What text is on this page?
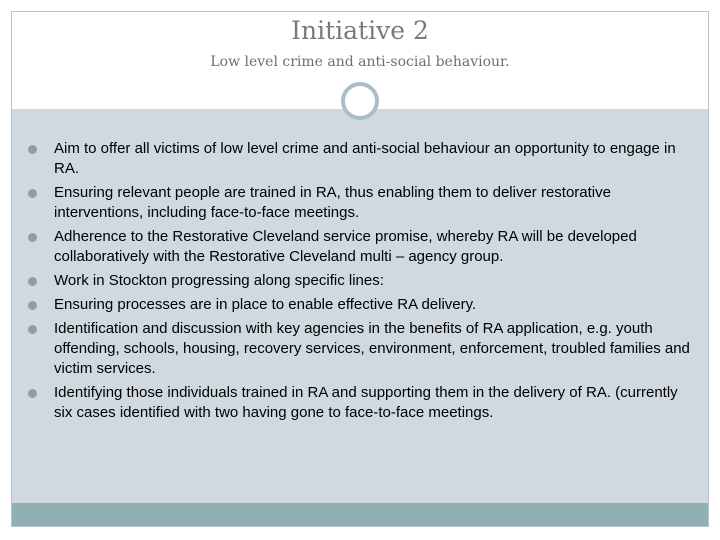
Initiative 2
Low level crime and anti-social behaviour.
Aim to offer all victims of low level crime and anti-social behaviour an opportunity to engage in RA.
Ensuring relevant people are trained in RA, thus enabling them to deliver restorative interventions, including face-to-face meetings.
Adherence to the Restorative Cleveland service promise, whereby RA will be developed collaboratively with the Restorative Cleveland multi – agency group.
Work in Stockton progressing along specific lines:
Ensuring processes are in place to enable effective RA delivery.
Identification and discussion with key agencies in the benefits of RA application, e.g. youth offending, schools, housing, recovery services, environment, enforcement, troubled families and victim services.
Identifying those individuals trained in RA and supporting them in the delivery of RA. (currently six cases identified with two having gone to face-to-face meetings.
